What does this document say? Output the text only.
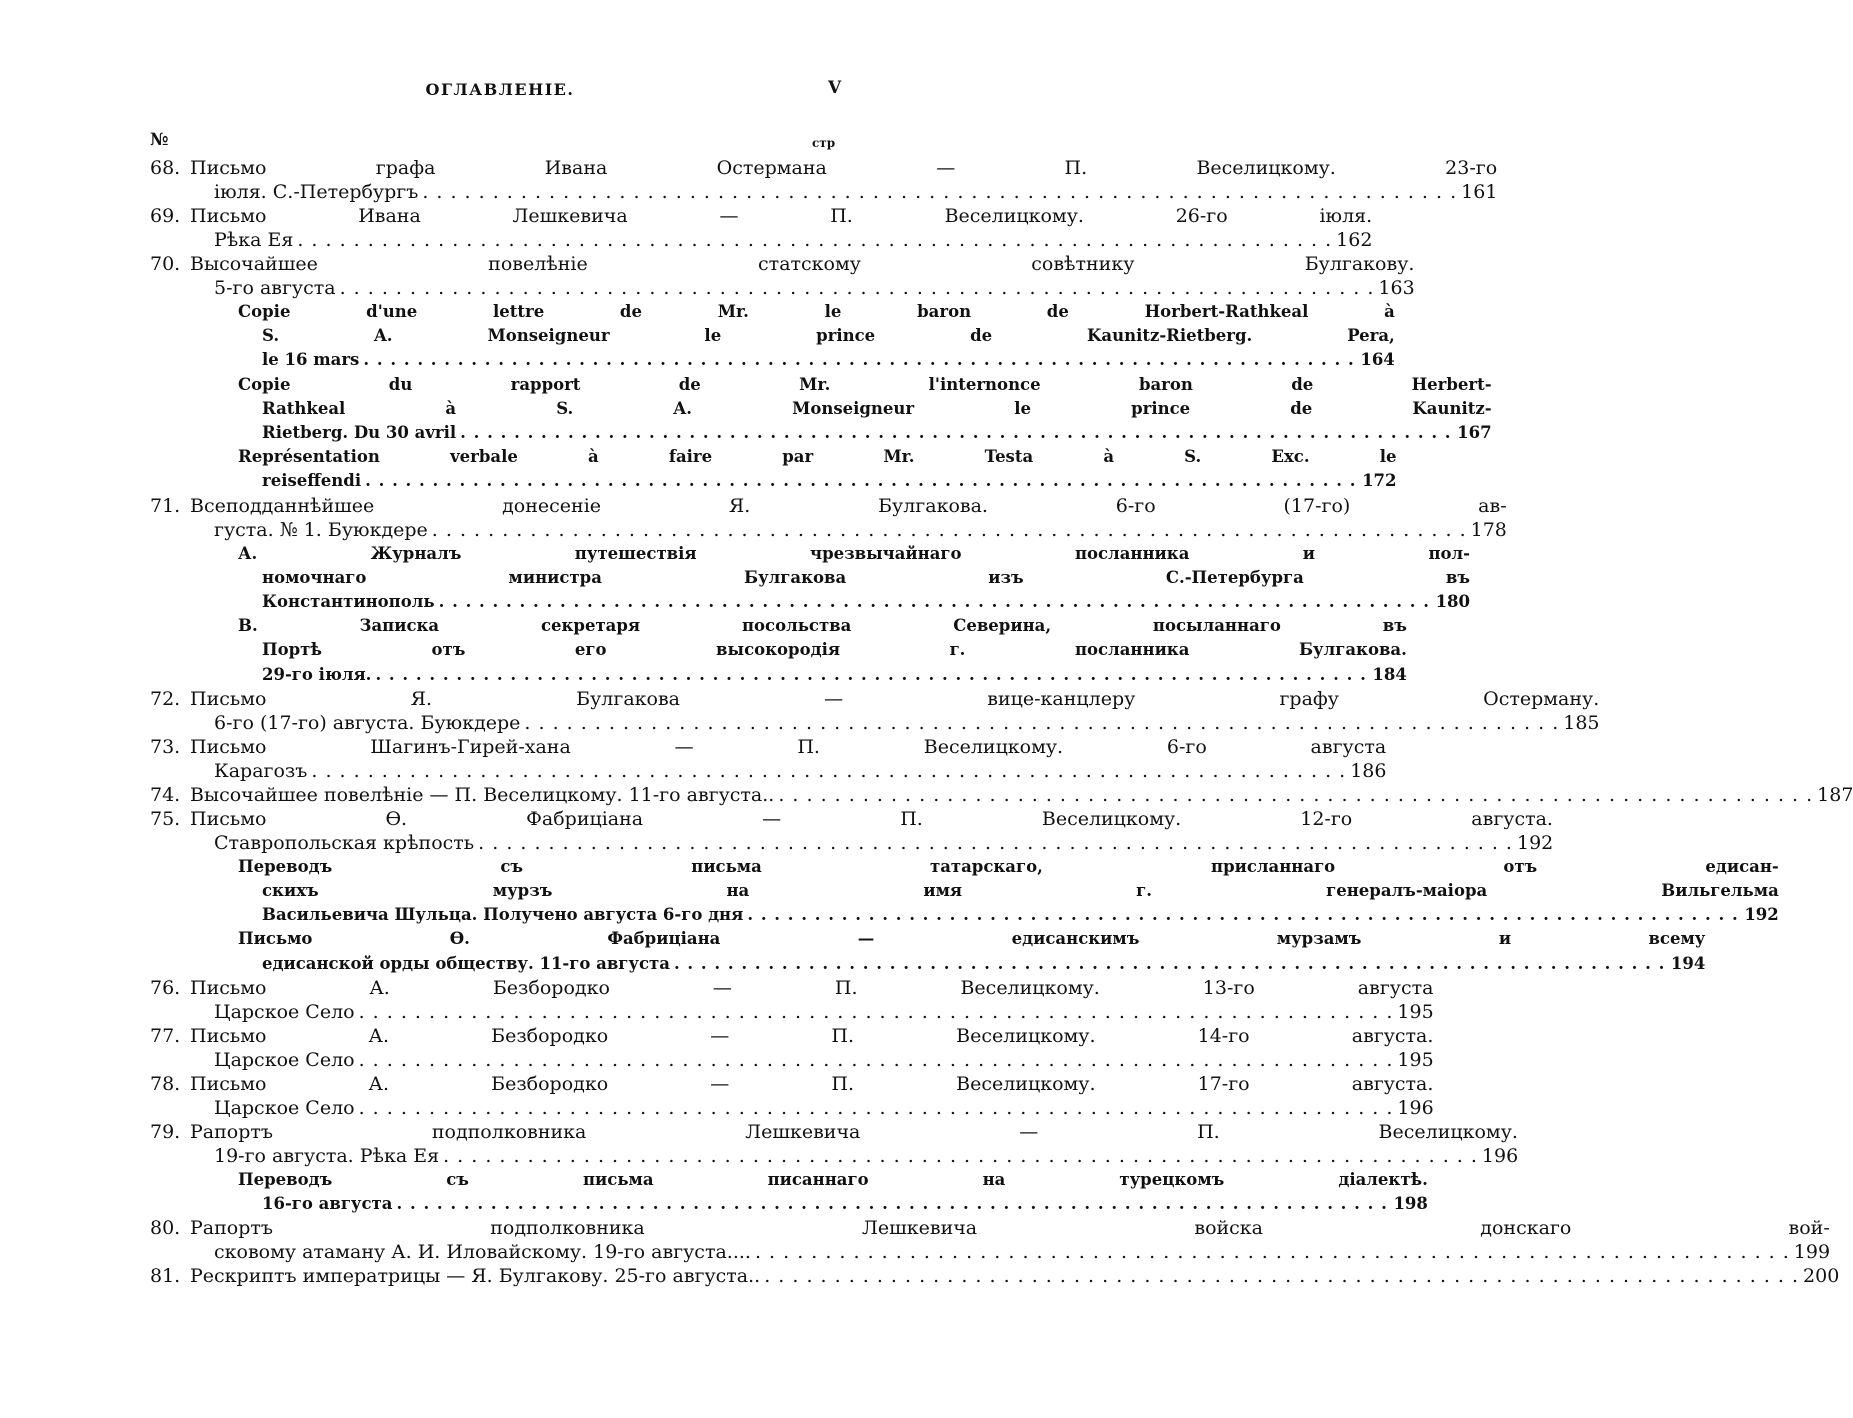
ОГЛАВЛЕНІЕ.	V
№	стр
68. Письмо графа Ивана Остермана — П. Веселицкому. 23-го
іюля. С.-Петербургъ . . .	161
69. Письмо Ивана Лешкевича — П. Веселицкому. 26-го іюля.
Рѣка Ея . . .	162
70. Высочайшее повелѣніе статскому совѣтнику Булгакову.
5-го августа . . .	163
Copie d'une lettre de Mr. le baron de Horbert-Rathkeal à
S. A. Monseigneur le prince de Kaunitz-Rietberg. Pera,
le 16 mars . . .	164
Copie du rapport de Mr. l'internonce baron de Herbert-
Rathkeal à S. A. Monseigneur le prince de Kaunitz-
Rietberg. Du 30 avril . . .	167
Représentation verbale à faire par Mr. Testa à S. Exc. le
reiseffendi . . .	172
71. Всеподданнѣйшее донесеніе Я. Булгакова. 6-го (17-го) ав-
густа. № 1. Буюкдере . . .	178
А. Журналъ путешествія чрезвычайнаго посланника и пол-
номочнаго министра Булгакова изъ С.-Петербурга въ
Константинополь . . .	180
В. Записка секретаря посольства Северина, посыланнаго въ
Портѣ отъ его высокородія г. посланника Булгакова.
29-го іюля. . . .	184
72. Письмо Я. Булгакова — вице-канцлеру графу Остерману.
6-го (17-го) августа. Буюкдере . . .	185
73. Письмо Шагинъ-Гирей-хана — П. Веселицкому. 6-го августа
Карагозъ . . .	186
74. Высочайшее повелѣніе — П. Веселицкому. 11-го августа.. . . .	187
75. Письмо Ѳ. Фабриціана — П. Веселицкому. 12-го августа.
Ставропольская крѣпость . . .	192
Переводъ съ письма татарскаго, присланнаго отъ едисан-
скихъ мурзъ на имя г. генералъ-маіора Вильгельма
Васильевича Шульца. Получено августа 6-го дня . . .	192
Письмо Ѳ. Фабриціана — едисанскимъ мурзамъ и всему
едисанской орды обществу. 11-го августа . . .	194
76. Письмо А. Безбородко — П. Веселицкому. 13-го августа
Царское Село . . .	195
77. Письмо А. Безбородко — П. Веселицкому. 14-го августа.
Царское Село . . .	195
78. Письмо А. Безбородко — П. Веселицкому. 17-го августа.
Царское Село . . .	196
79. Рапортъ подполковника Лешкевича — П. Веселицкому.
19-го августа. Рѣка Ея . . .	196
Переводъ съ письма писаннаго на турецкомъ діалектѣ.
16-го августа . . .	198
80. Рапортъ подполковника Лешкевича войска донскаго вой-
сковому атаману А. И. Иловайскому. 19-го августа.... . . .	199
81. Рескриптъ императрицы — Я. Булгакову. 25-го августа.. . . .	200
